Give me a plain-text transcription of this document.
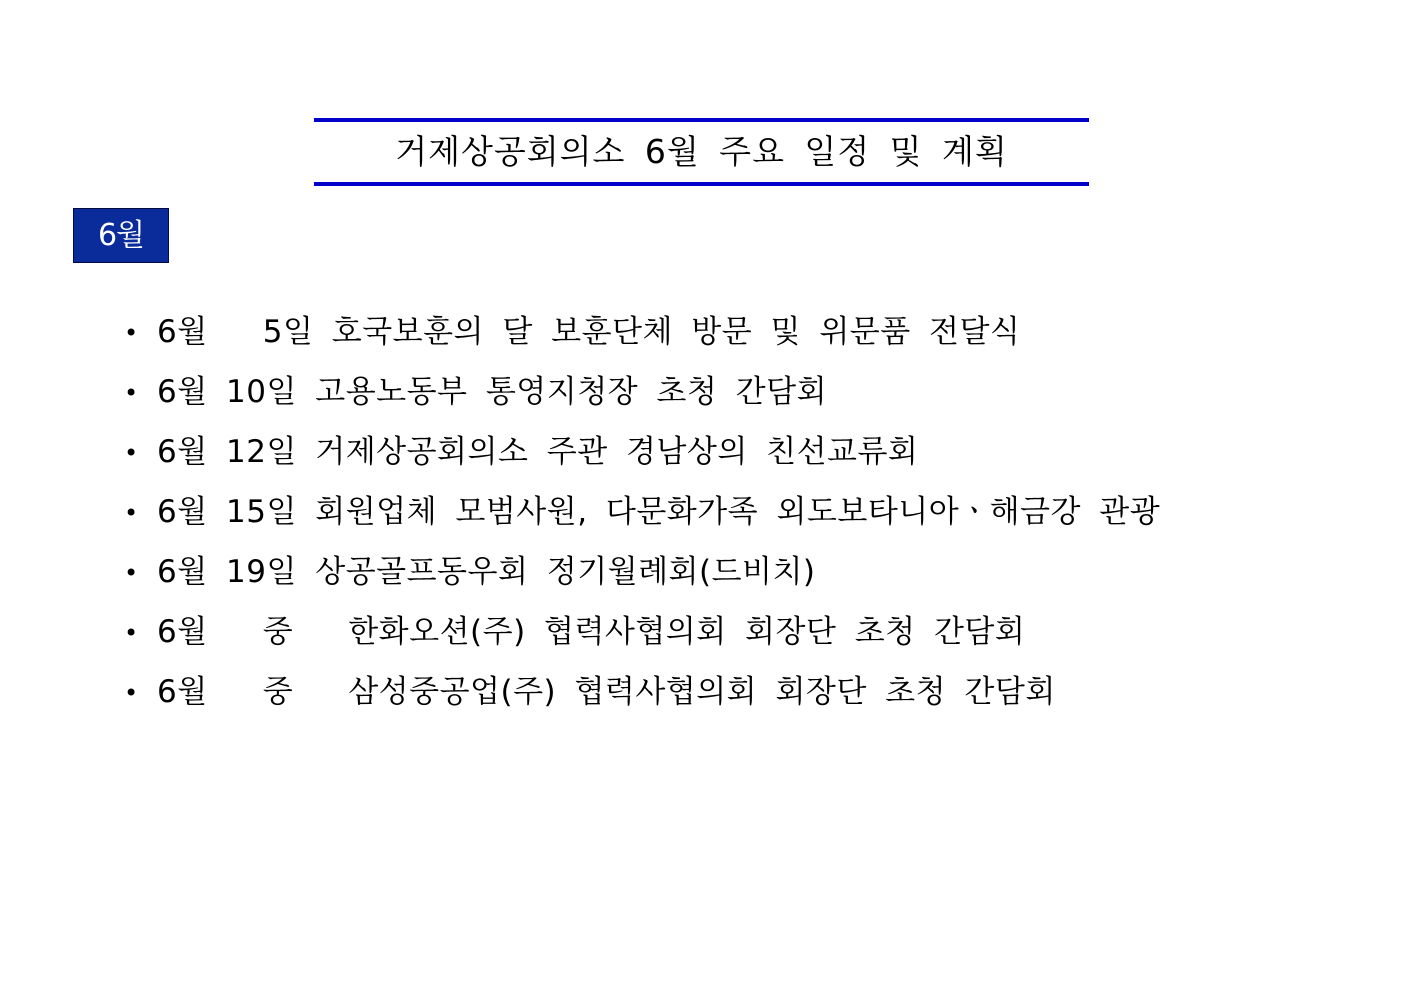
거제상공회의소 6월 주요 일정 및 계획
6월
• 6월   5일 호국보훈의 달 보훈단체 방문 및 위문품 전달식
• 6월 10일 고용노동부 통영지청장 초청 간담회
• 6월 12일 거제상공회의소 주관 경남상의 친선교류회
• 6월 15일 회원업체 모범사원, 다문화가족 외도보타니아ㆍ해금강 관광
• 6월 19일 상공골프동우회 정기월례회(드비치)
• 6월   중   한화오션(주) 협력사협의회 회장단 초청 간담회
• 6월   중   삼성중공업(주) 협력사협의회 회장단 초청 간담회
